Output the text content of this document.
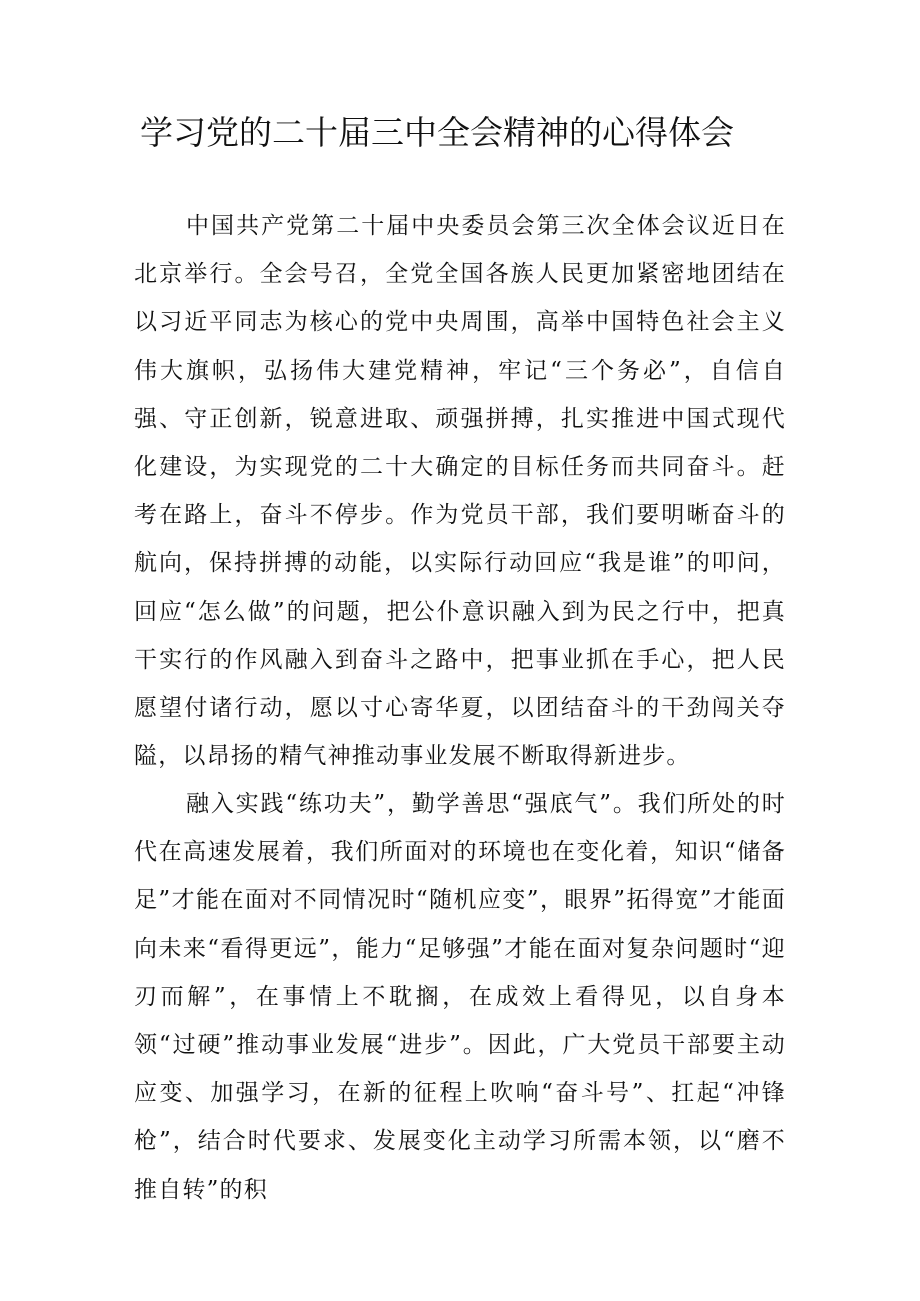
学习党的二十届三中全会精神的心得体会

中国共产党第二十届中央委员会第三次全体会议近日在北京举行。全会号召，全党全国各族人民更加紧密地团结在以习近平同志为核心的党中央周围，高举中国特色社会主义伟大旗帜，弘扬伟大建党精神，牢记“三个务必”，自信自强、守正创新，锐意进取、顽强拼搏，扎实推进中国式现代化建设，为实现党的二十大确定的目标任务而共同奋斗。赶考在路上，奋斗不停步。作为党员干部，我们要明晰奋斗的航向，保持拼搏的动能，以实际行动回应“我是谁”的叩问，回应“怎么做”的问题，把公仆意识融入到为民之行中，把真干实行的作风融入到奋斗之路中，把事业抓在手心，把人民愿望付诸行动，愿以寸心寄华夏，以团结奋斗的干劲闯关夺隘，以昂扬的精气神推动事业发展不断取得新进步。

融入实践“练功夫”，勤学善思“强底气”。我们所处的时代在高速发展着，我们所面对的环境也在变化着，知识“储备足”才能在面对不同情况时“随机应变”，眼界”拓得宽”才能面向未来“看得更远”，能力“足够强”才能在面对复杂问题时“迎刃而解”，在事情上不耽搁，在成效上看得见，以自身本领“过硬”推动事业发展“进步”。因此，广大党员干部要主动应变、加强学习，在新的征程上吹响“奋斗号”、扛起“冲锋枪”，结合时代要求、发展变化主动学习所需本领，以“磨不推自转”的积
